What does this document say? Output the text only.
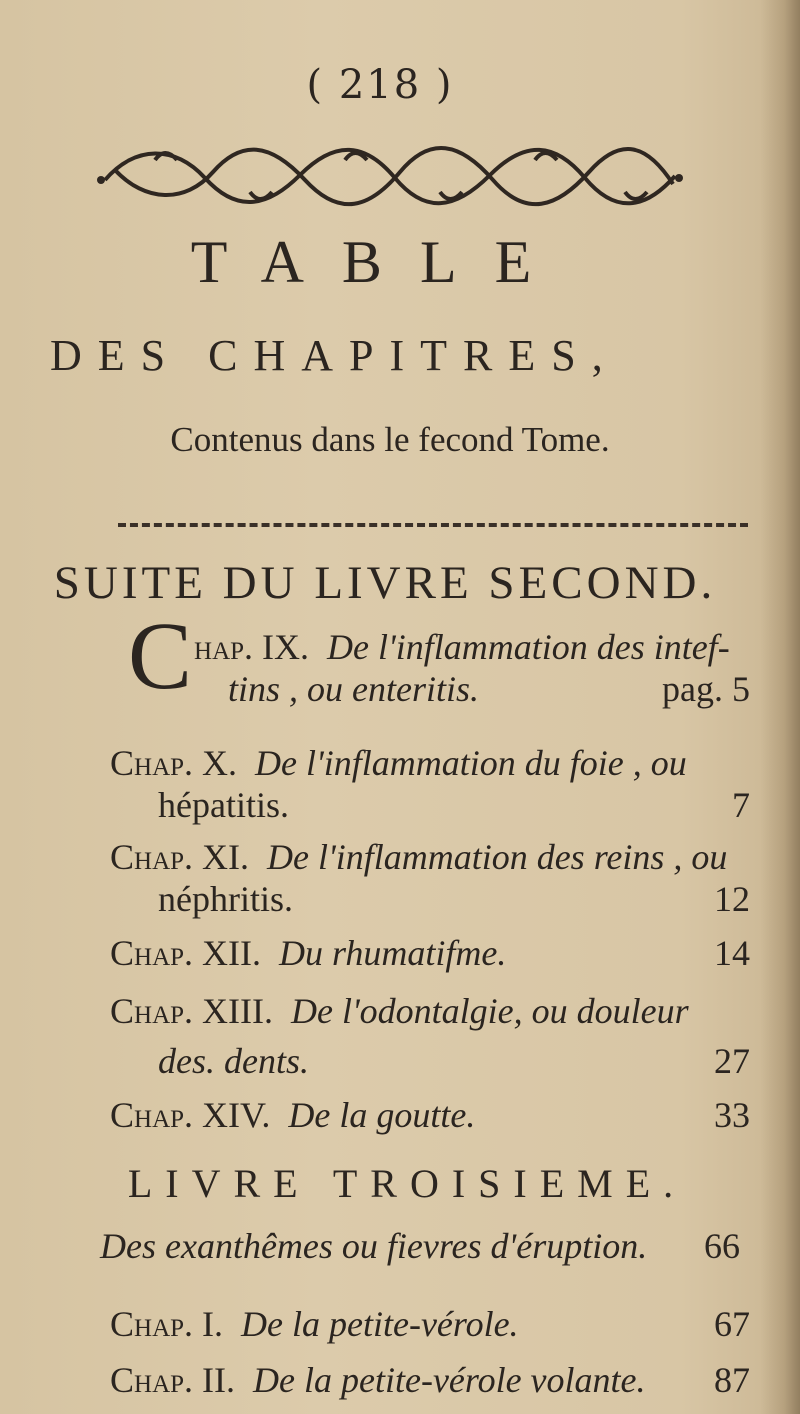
( 218 )
TABLE
DES CHAPITRES,
Contenus dans le fecond Tome.
SUITE DU LIVRE SECOND.
C hap. IX. De l'inflammation des intef-
tins , ou enteritis.	pag. 5
Chap. X. De l'inflammation du foie , ou
hépatitis.	7
Chap. XI. De l'inflammation des reins , ou
néphritis.	12
Chap. XII. Du rhumatifme.	14
Chap. XIII. De l'odontalgie, ou douleur
des. dents.	27
Chap. XIV. De la goutte.	33
LIVRE TROISIEME.
Des exanthêmes ou fievres d'éruption.	66
Chap. I. De la petite-vérole.	67
Chap. II. De la petite-vérole volante.	87
